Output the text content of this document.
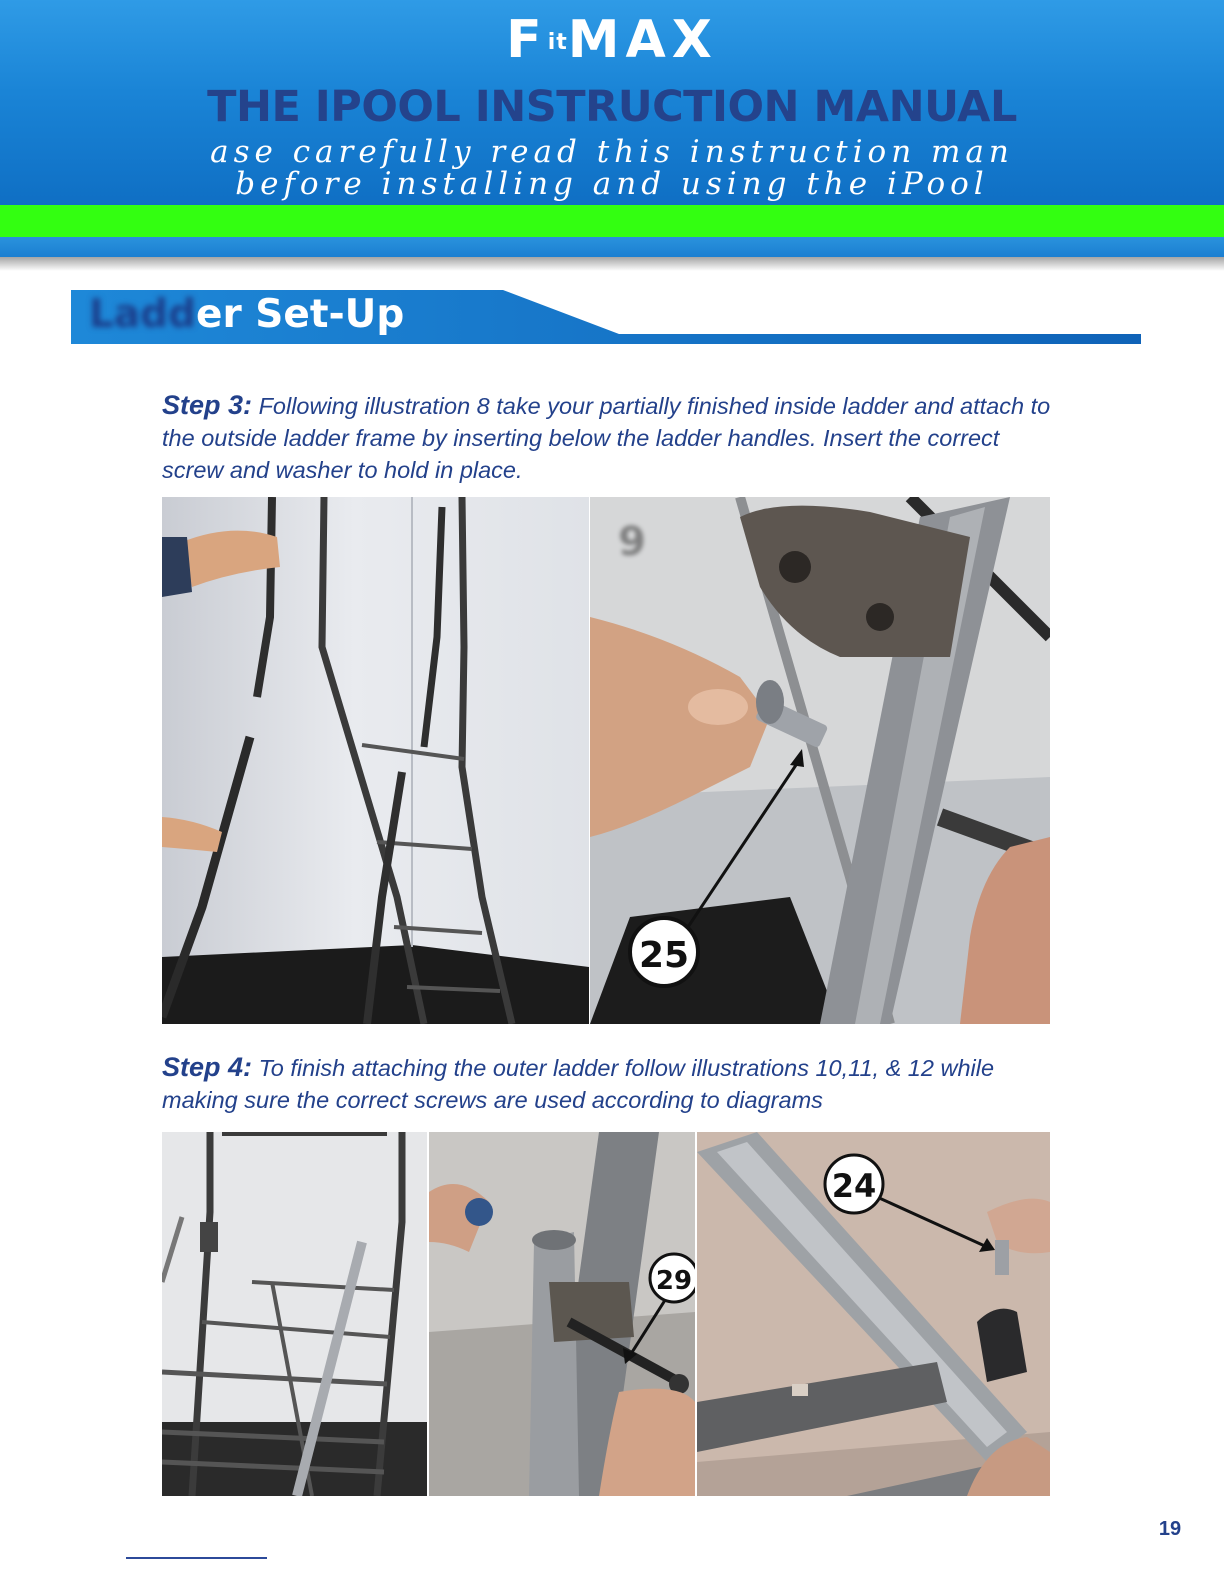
FitMAX
THE IPOOL INSTRUCTION MANUAL
ase carefully read this instruction man
before installing and using the iPool
Ladder Set-Up
Step 3: Following illustration 8 take your partially finished inside ladder and attach to the outside ladder frame by inserting below the ladder handles. Insert the correct screw and washer to hold in place.
25
9
Step 4: To finish attaching the outer ladder follow illustrations 10,11, & 12 while making sure the correct screws are used according to diagrams
29
24
19
